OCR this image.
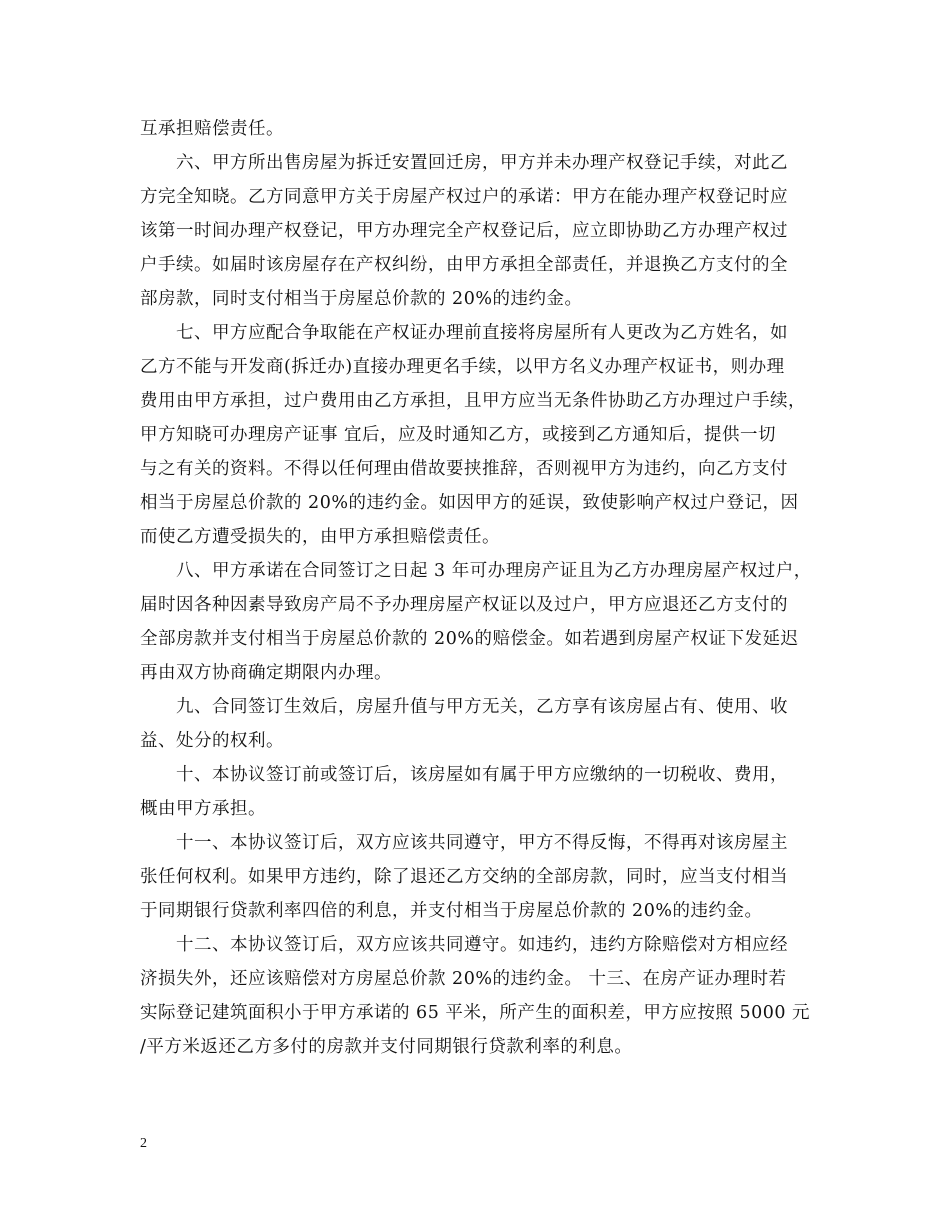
互承担赔偿责任。
六、甲方所出售房屋为拆迁安置回迁房，甲方并未办理产权登记手续，对此乙
方完全知晓。乙方同意甲方关于房屋产权过户的承诺：甲方在能办理产权登记时应
该第一时间办理产权登记，甲方办理完全产权登记后，应立即协助乙方办理产权过
户手续。如届时该房屋存在产权纠纷，由甲方承担全部责任，并退换乙方支付的全
部房款，同时支付相当于房屋总价款的 20%的违约金。
七、甲方应配合争取能在产权证办理前直接将房屋所有人更改为乙方姓名，如
乙方不能与开发商(拆迁办)直接办理更名手续，以甲方名义办理产权证书，则办理
费用由甲方承担，过户费用由乙方承担，且甲方应当无条件协助乙方办理过户手续，
甲方知晓可办理房产证事 宜后，应及时通知乙方，或接到乙方通知后，提供一切
与之有关的资料。不得以任何理由借故要挟推辞，否则视甲方为违约，向乙方支付
相当于房屋总价款的 20%的违约金。如因甲方的延误，致使影响产权过户登记，因
而使乙方遭受损失的，由甲方承担赔偿责任。
八、甲方承诺在合同签订之日起 3 年可办理房产证且为乙方办理房屋产权过户，
届时因各种因素导致房产局不予办理房屋产权证以及过户，甲方应退还乙方支付的
全部房款并支付相当于房屋总价款的 20%的赔偿金。如若遇到房屋产权证下发延迟
再由双方协商确定期限内办理。
九、合同签订生效后，房屋升值与甲方无关，乙方享有该房屋占有、使用、收
益、处分的权利。
十、本协议签订前或签订后，该房屋如有属于甲方应缴纳的一切税收、费用，
概由甲方承担。
十一、本协议签订后，双方应该共同遵守，甲方不得反悔，不得再对该房屋主
张任何权利。如果甲方违约，除了退还乙方交纳的全部房款，同时，应当支付相当
于同期银行贷款利率四倍的利息，并支付相当于房屋总价款的 20%的违约金。
十二、本协议签订后，双方应该共同遵守。如违约，违约方除赔偿对方相应经
济损失外，还应该赔偿对方房屋总价款 20%的违约金。 十三、在房产证办理时若
实际登记建筑面积小于甲方承诺的 65 平米，所产生的面积差，甲方应按照 5000 元
/平方米返还乙方多付的房款并支付同期银行贷款利率的利息。
2
